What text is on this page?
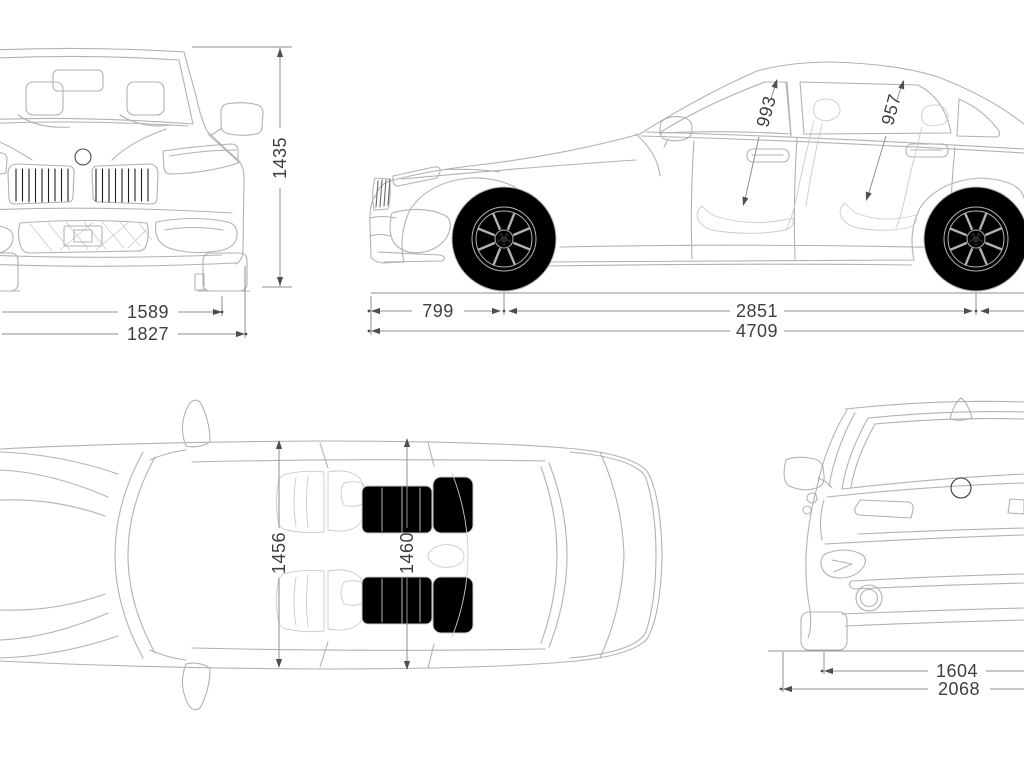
1435
1589
1827
993	957
799	2851
4709
1456	1460
1604
2068
